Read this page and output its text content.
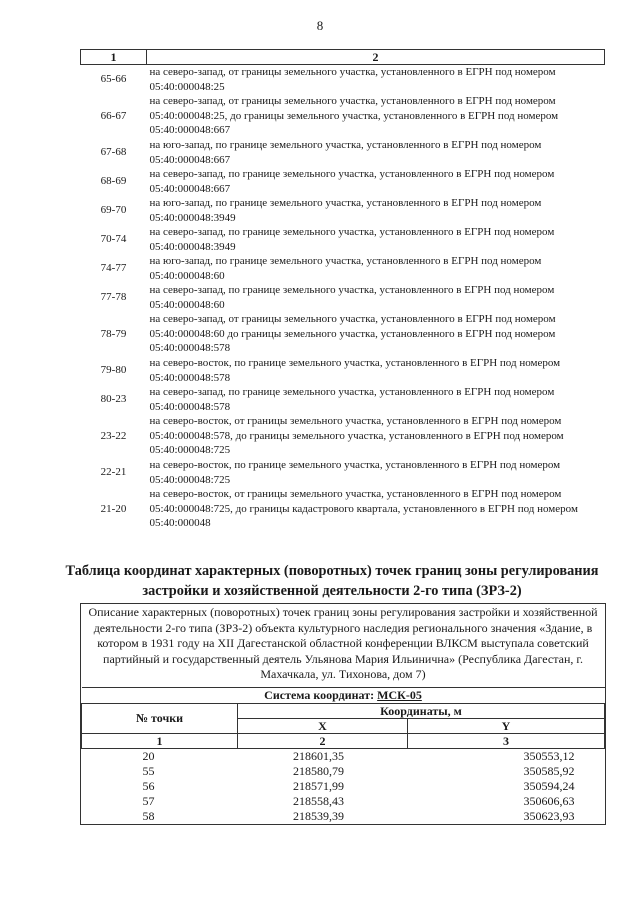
8
1	2
65-66	на северо-запад, от границы земельного участка, установленного в ЕГРН под номером 05:40:000048:25
66-67	на северо-запад, от границы земельного участка, установленного в ЕГРН под номером 05:40:000048:25, до границы земельного участка, установленного в ЕГРН под номером 05:40:000048:667
67-68	на юго-запад, по границе земельного участка, установленного в ЕГРН под номером 05:40:000048:667
68-69	на северо-запад, по границе земельного участка, установленного в ЕГРН под номером 05:40:000048:667
69-70	на юго-запад, по границе земельного участка, установленного в ЕГРН под номером 05:40:000048:3949
70-74	на северо-запад, по границе земельного участка, установленного в ЕГРН под номером 05:40:000048:3949
74-77	на юго-запад, по границе земельного участка, установленного в ЕГРН под номером 05:40:000048:60
77-78	на северо-запад, по границе земельного участка, установленного в ЕГРН под номером 05:40:000048:60
78-79	на северо-запад, от границы земельного участка, установленного в ЕГРН под номером 05:40:000048:60 до границы земельного участка, установленного в ЕГРН под номером 05:40:000048:578
79-80	на северо-восток, по границе земельного участка, установленного в ЕГРН под номером 05:40:000048:578
80-23	на северо-запад, по границе земельного участка, установленного в ЕГРН под номером 05:40:000048:578
23-22	на северо-восток, от границы земельного участка, установленного в ЕГРН под номером 05:40:000048:578, до границы земельного участка, установленного в ЕГРН под номером 05:40:000048:725
22-21	на северо-восток, по границе земельного участка, установленного в ЕГРН под номером 05:40:000048:725
21-20	на северо-восток, от границы земельного участка, установленного в ЕГРН под номером 05:40:000048:725, до границы кадастрового квартала, установленного в ЕГРН под номером 05:40:000048
Таблица координат характерных (поворотных) точек границ зоны регулирования застройки и хозяйственной деятельности 2-го типа (ЗРЗ-2)
Описание характерных (поворотных) точек границ зоны регулирования застройки и хозяйственной деятельности 2-го типа (ЗРЗ-2) объекта культурного наследия регионального значения «Здание, в котором в 1931 году на XII Дагестанской областной конференции ВЛКСМ выступала советский партийный и государственный деятель Ульянова Мария Ильинична» (Республика Дагестан, г. Махачкала, ул. Тихонова, дом 7)
Система координат: МСК-05		
№ точки	Координаты, м	
	X	Y
1	2	3
20	218601,35	350553,12
55	218580,79	350585,92
56	218571,99	350594,24
57	218558,43	350606,63
58	218539,39	350623,93
